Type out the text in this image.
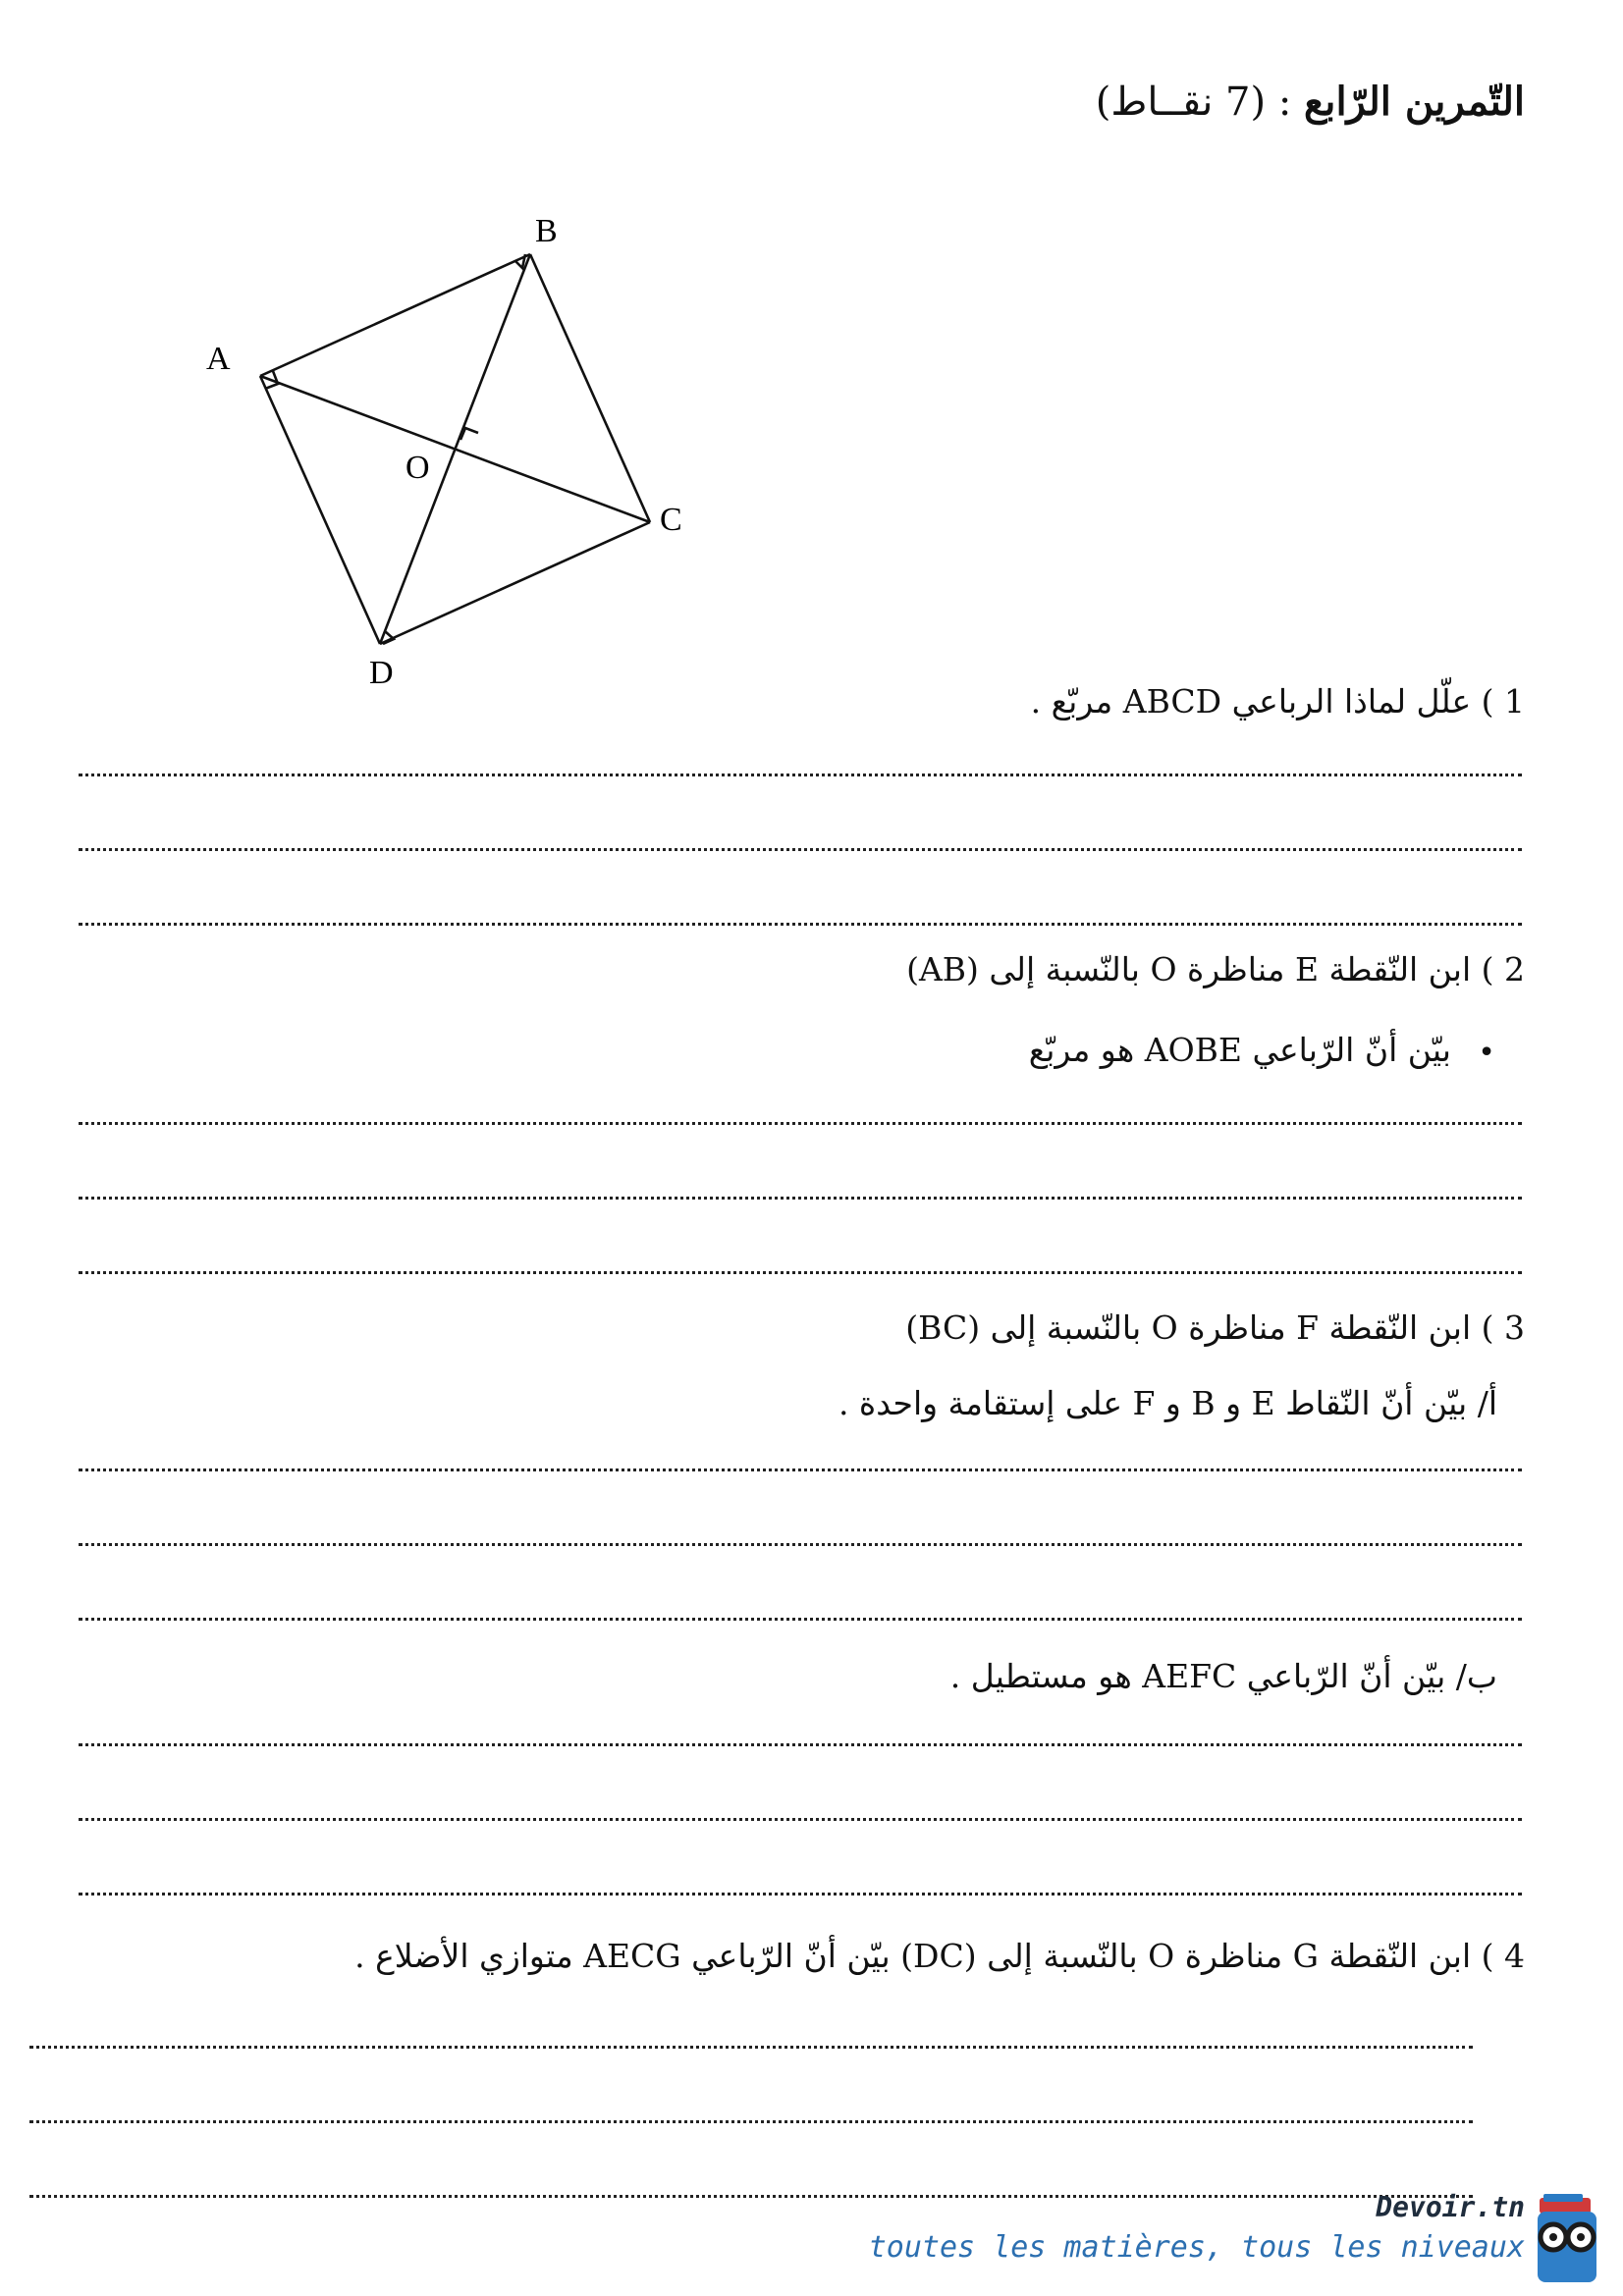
التّمرين الرّابع : (7 نقــاط)
A
B
C
D
O
1 ) علّل لماذا الرباعي ABCD مربّع .
2 ) ابن النّقطة E مناظرة O بالنّسبة إلى (AB)
بيّن أنّ الرّباعي AOBE هو مربّع •
3 ) ابن النّقطة F مناظرة O بالنّسبة إلى (BC)
أ/ بيّن أنّ النّقاط E و B و F على إستقامة واحدة .
ب/ بيّن أنّ الرّباعي AEFC هو مستطيل .
4 ) ابن النّقطة G مناظرة O بالنّسبة إلى (DC) بيّن أنّ الرّباعي AECG متوازي الأضلاع .
Devoir.tn
toutes les matières, tous les niveaux
